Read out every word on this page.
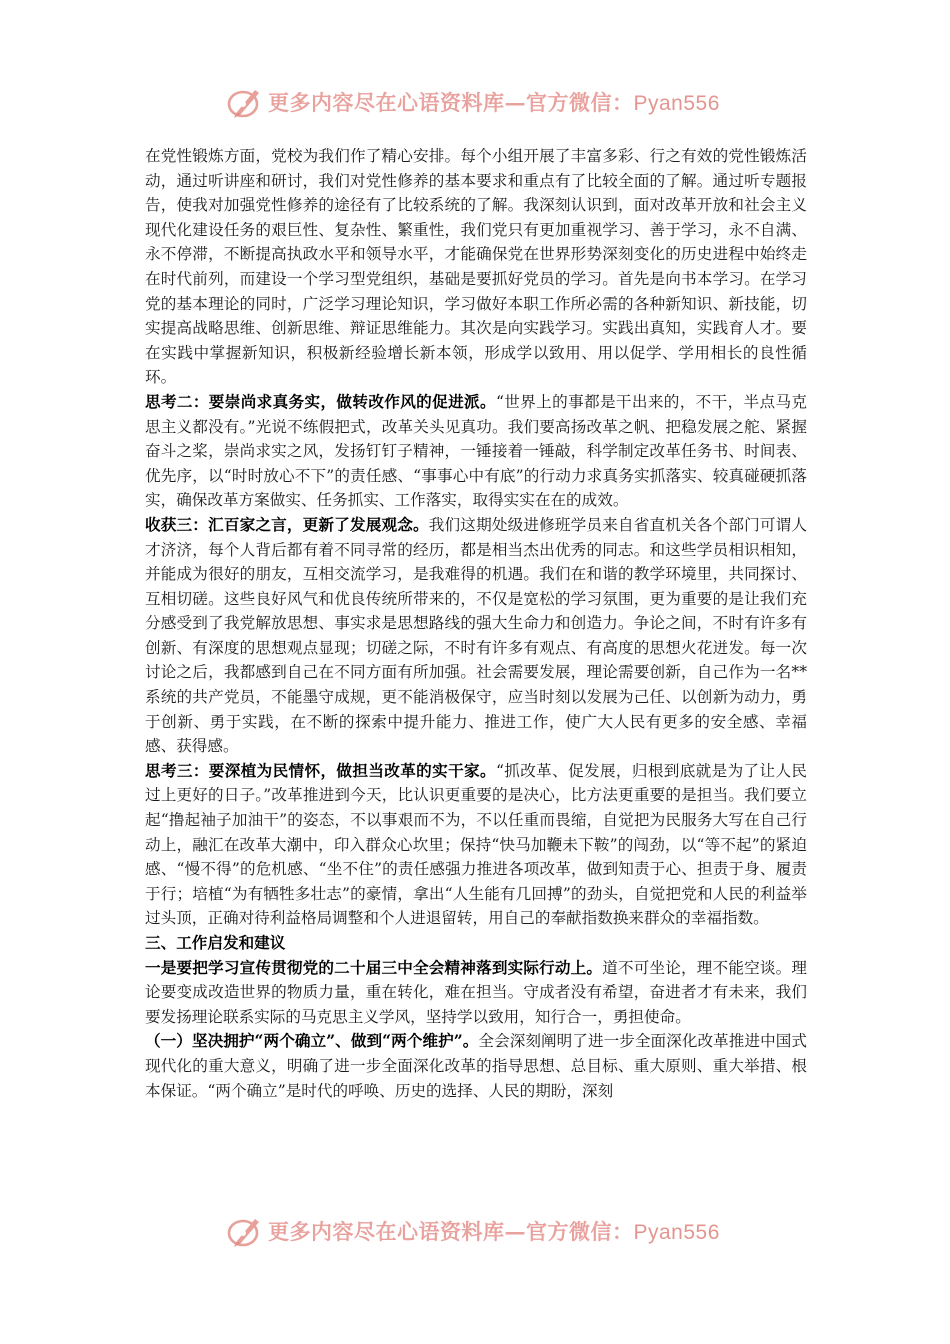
更多内容尽在心语资料库—官方微信：Pyan556

在党性锻炼方面，党校为我们作了精心安排。每个小组开展了丰富多彩、行之有效的党性锻炼活动，通过听讲座和研讨，我们对党性修养的基本要求和重点有了比较全面的了解。通过听专题报告，使我对加强党性修养的途径有了比较系统的了解。我深刻认识到，面对改革开放和社会主义现代化建设任务的艰巨性、复杂性、繁重性，我们党只有更加重视学习、善于学习，永不自满、永不停滞，不断提高执政水平和领导水平，才能确保党在世界形势深刻变化的历史进程中始终走在时代前列，而建设一个学习型党组织，基础是要抓好党员的学习。首先是向书本学习。在学习党的基本理论的同时，广泛学习理论知识，学习做好本职工作所必需的各种新知识、新技能，切实提高战略思维、创新思维、辩证思维能力。其次是向实践学习。实践出真知，实践育人才。要在实践中掌握新知识，积极新经验增长新本领，形成学以致用、用以促学、学用相长的良性循环。

思考二：要崇尚求真务实，做转改作风的促进派。“世界上的事都是干出来的，不干，半点马克思主义都没有。”光说不练假把式，改革关头见真功。我们要高扬改革之帆、把稳发展之舵、紧握奋斗之桨，崇尚求实之风，发扬钉钉子精神，一锤接着一锤敲，科学制定改革任务书、时间表、优先序，以“时时放心不下”的责任感、“事事心中有底”的行动力求真务实抓落实、较真碰硬抓落实，确保改革方案做实、任务抓实、工作落实，取得实实在在的成效。

收获三：汇百家之言，更新了发展观念。我们这期处级进修班学员来自省直机关各个部门可谓人才济济，每个人背后都有着不同寻常的经历，都是相当杰出优秀的同志。和这些学员相识相知，并能成为很好的朋友，互相交流学习，是我难得的机遇。我们在和谐的教学环境里，共同探讨、互相切磋。这些良好风气和优良传统所带来的，不仅是宽松的学习氛围，更为重要的是让我们充分感受到了我党解放思想、事实求是思想路线的强大生命力和创造力。争论之间，不时有许多有创新、有深度的思想观点显现；切磋之际，不时有许多有观点、有高度的思想火花迸发。每一次讨论之后，我都感到自己在不同方面有所加强。社会需要发展，理论需要创新，自己作为一名**系统的共产党员，不能墨守成规，更不能消极保守，应当时刻以发展为己任、以创新为动力，勇于创新、勇于实践，在不断的探索中提升能力、推进工作，使广大人民有更多的安全感、幸福感、获得感。

思考三：要深植为民情怀，做担当改革的实干家。“抓改革、促发展，归根到底就是为了让人民过上更好的日子。”改革推进到今天，比认识更重要的是决心，比方法更重要的是担当。我们要立起“撸起袖子加油干”的姿态，不以事艰而不为，不以任重而畏缩，自觉把为民服务大写在自己行动上，融汇在改革大潮中，印入群众心坎里；保持“快马加鞭未下鞍”的闯劲，以“等不起”的紧迫感、“慢不得”的危机感、“坐不住”的责任感强力推进各项改革，做到知责于心、担责于身、履责于行；培植“为有牺牲多壮志”的豪情，拿出“人生能有几回搏”的劲头，自觉把党和人民的利益举过头顶，正确对待利益格局调整和个人进退留转，用自己的奉献指数换来群众的幸福指数。

三、工作启发和建议

一是要把学习宣传贯彻党的二十届三中全会精神落到实际行动上。道不可坐论，理不能空谈。理论要变成改造世界的物质力量，重在转化，难在担当。守成者没有希望，奋进者才有未来，我们要发扬理论联系实际的马克思主义学风，坚持学以致用，知行合一，勇担使命。

（一）坚决拥护“两个确立”、做到“两个维护”。全会深刻阐明了进一步全面深化改革推进中国式现代化的重大意义，明确了进一步全面深化改革的指导思想、总目标、重大原则、重大举措、根本保证。“两个确立”是时代的呼唤、历史的选择、人民的期盼，深刻

更多内容尽在心语资料库—官方微信：Pyan556
